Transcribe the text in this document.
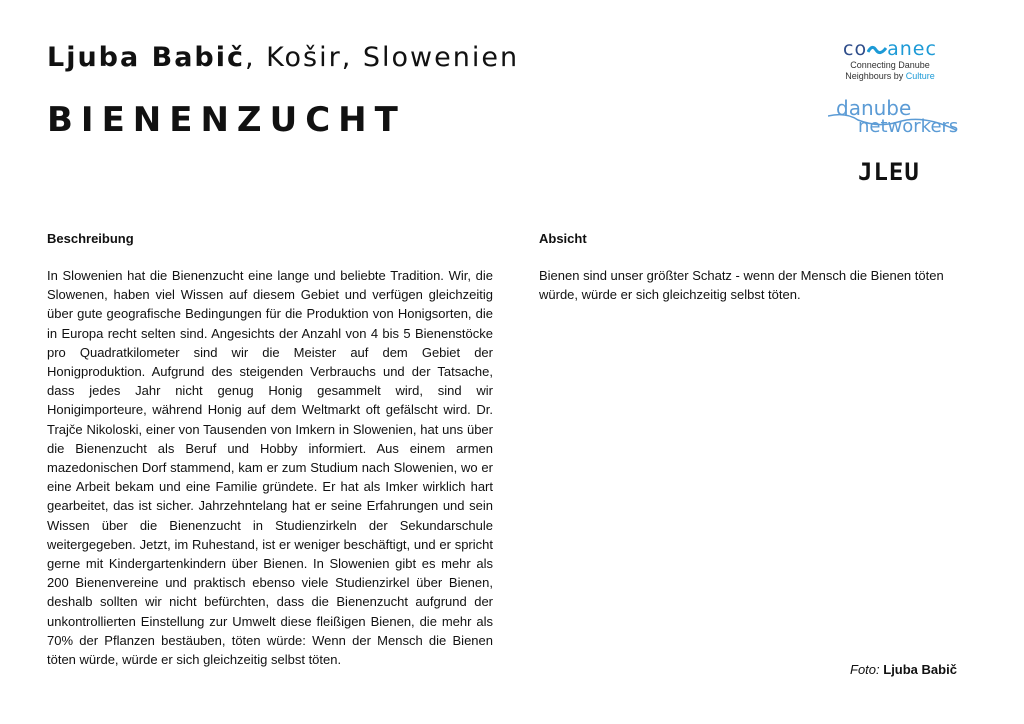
Ljuba Babič, Košir, Slowenien
BIENENZUCHT
co anec
Connecting Danube
Neighbours by Culture
danube
networkers
JLEU
Beschreibung

In Slowenien hat die Bienenzucht eine lange und beliebte Tradition. Wir, die Slowenen, haben viel Wissen auf diesem Gebiet und verfügen gleichzeitig über gute geografische Bedingungen für die Produktion von Honigsorten, die in Europa recht selten sind. Angesichts der Anzahl von 4 bis 5 Bienenstöcke pro Quadratkilometer sind wir die Meister auf dem Gebiet der Honigproduktion. Aufgrund des steigenden Verbrauchs und der Tatsache, dass jedes Jahr nicht genug Honig gesammelt wird, sind wir Honigimporteure, während Honig auf dem Weltmarkt oft gefälscht wird. Dr. Trajče Nikoloski, einer von Tausenden von Imkern in Slowenien, hat uns über die Bienenzucht als Beruf und Hobby informiert. Aus einem armen mazedonischen Dorf stammend, kam er zum Studium nach Slowenien, wo er eine Arbeit bekam und eine Familie gründete. Er hat als Imker wirklich hart gearbeitet, das ist sicher. Jahrzehntelang hat er seine Erfahrungen und sein Wissen über die Bienenzucht in Studienzirkeln der Sekundarschule weitergegeben. Jetzt, im Ruhestand, ist er weniger beschäftigt, und er spricht gerne mit Kindergartenkindern über Bienen. In Slowenien gibt es mehr als 200 Bienenvereine und praktisch ebenso viele Studienzirkel über Bienen, deshalb sollten wir nicht befürchten, dass die Bienenzucht aufgrund der unkontrollierten Einstellung zur Umwelt diese fleißigen Bienen, die mehr als 70% der Pflanzen bestäuben, töten würde: Wenn der Mensch die Bienen töten würde, würde er sich gleichzeitig selbst töten.

Absicht
Bienen sind unser größter Schatz - wenn der Mensch die Bienen töten würde, würde er sich gleichzeitig selbst töten.
Foto: Ljuba Babič
